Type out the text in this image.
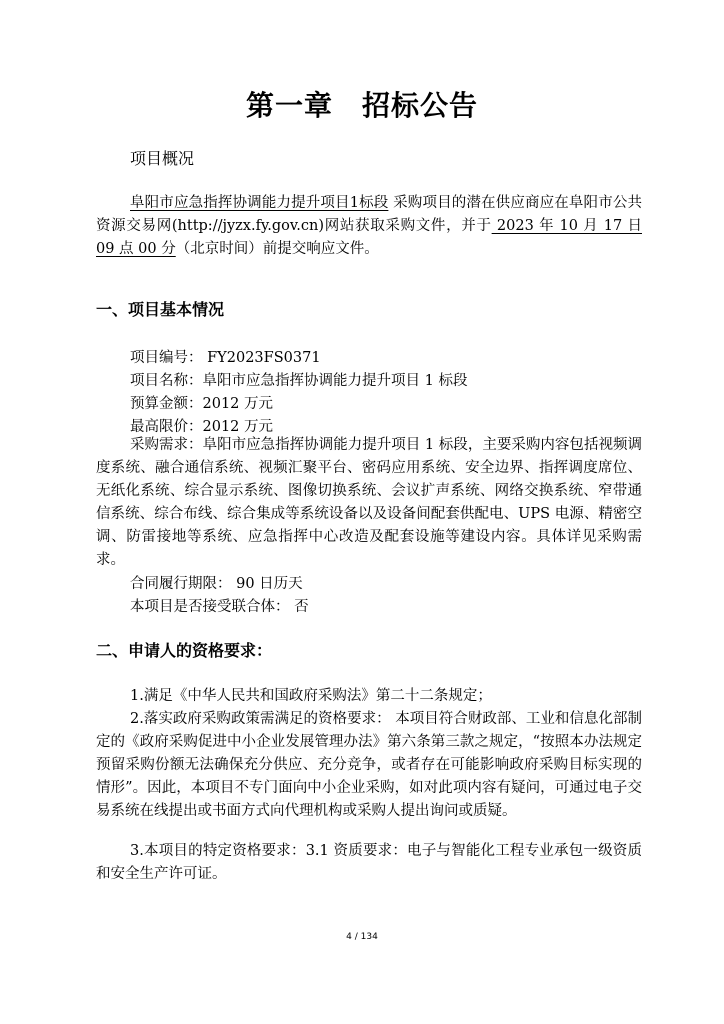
第一章　招标公告
项目概况
阜阳市应急指挥协调能力提升项目1标段 采购项目的潜在供应商应在阜阳市公共资源交易网(http://jyzx.fy.gov.cn)网站获取采购文件，并于 2023 年 10 月 17 日 09 点 00 分（北京时间）前提交响应文件。
一、项目基本情况
项目编号： FY2023FS0371
项目名称：阜阳市应急指挥协调能力提升项目 1 标段
预算金额：2012 万元
最高限价：2012 万元
采购需求：阜阳市应急指挥协调能力提升项目 1 标段，主要采购内容包括视频调度系统、融合通信系统、视频汇聚平台、密码应用系统、安全边界、指挥调度席位、无纸化系统、综合显示系统、图像切换系统、会议扩声系统、网络交换系统、窄带通信系统、综合布线、综合集成等系统设备以及设备间配套供配电、UPS 电源、精密空调、防雷接地等系统、应急指挥中心改造及配套设施等建设内容。具体详见采购需求。
合同履行期限： 90 日历天
本项目是否接受联合体： 否
二、申请人的资格要求：
1.满足《中华人民共和国政府采购法》第二十二条规定；
2.落实政府采购政策需满足的资格要求： 本项目符合财政部、工业和信息化部制定的《政府采购促进中小企业发展管理办法》第六条第三款之规定，“按照本办法规定预留采购份额无法确保充分供应、充分竞争，或者存在可能影响政府采购目标实现的情形”。因此，本项目不专门面向中小企业采购，如对此项内容有疑问，可通过电子交易系统在线提出或书面方式向代理机构或采购人提出询问或质疑。
3.本项目的特定资格要求：3.1 资质要求：电子与智能化工程专业承包一级资质和安全生产许可证。
4 / 134
